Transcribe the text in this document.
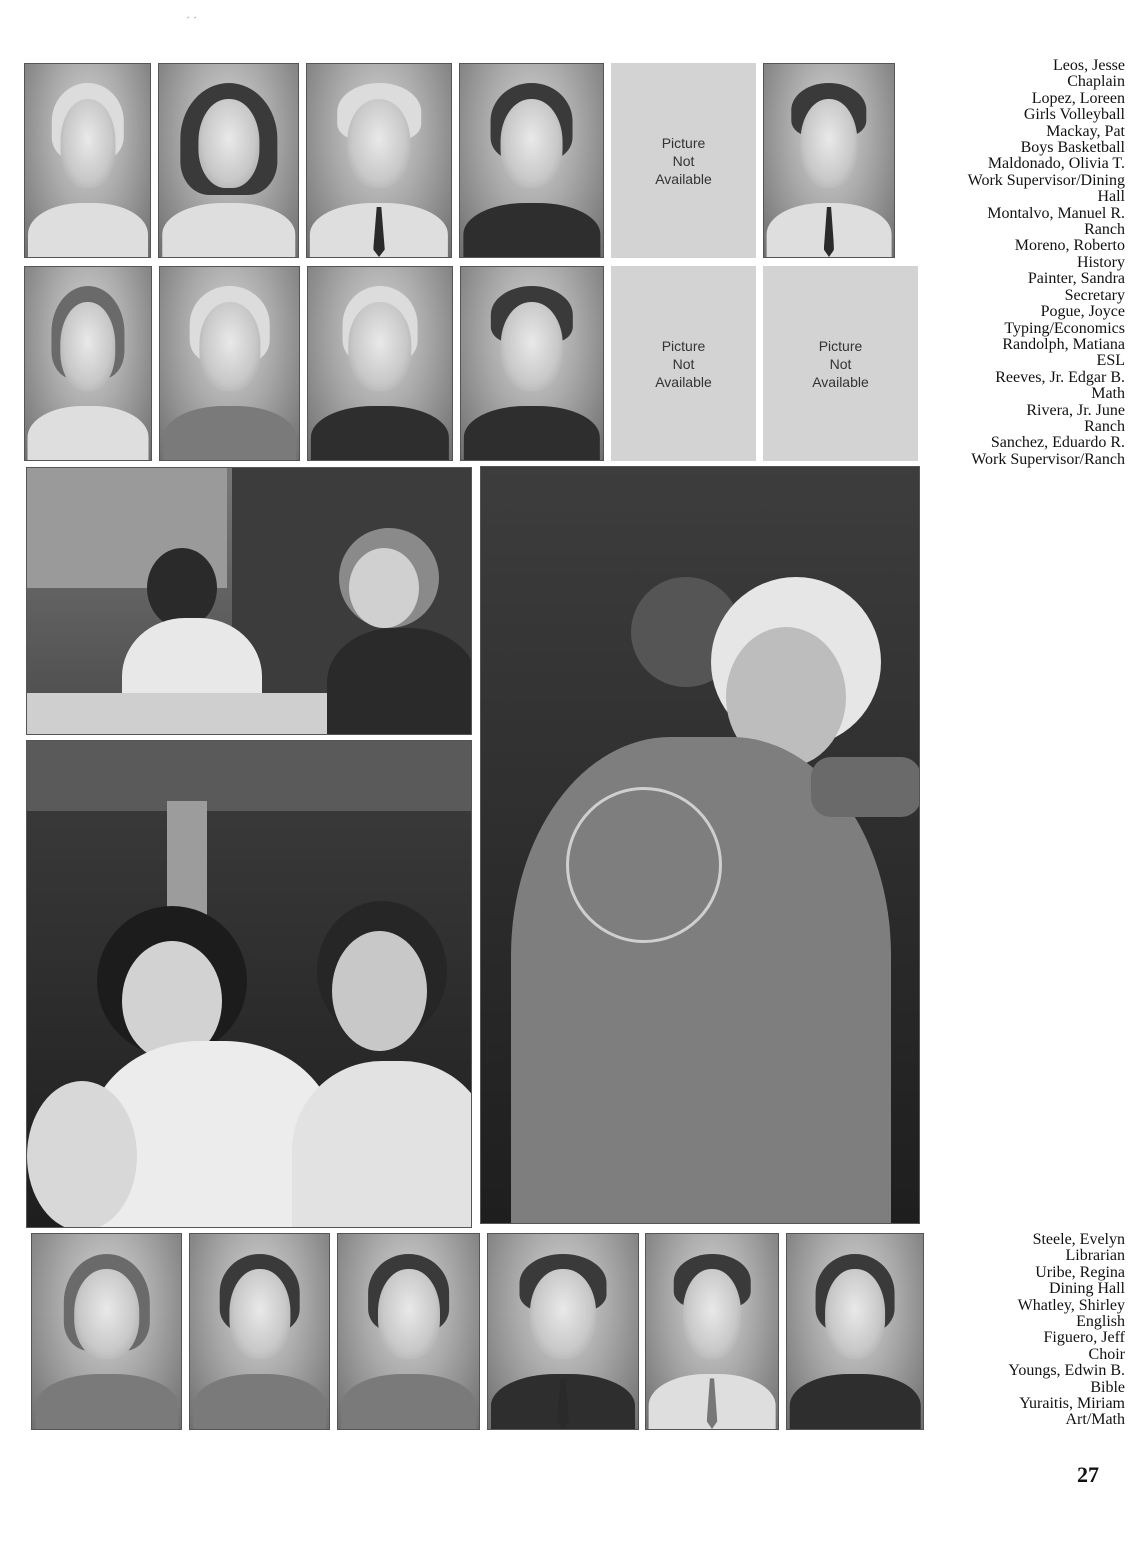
´ ˊ
Picture
Not
Available
Picture
Not
Available
Picture
Not
Available
Leos, Jesse
Chaplain
Lopez, Loreen
Girls Volleyball
Mackay, Pat
Boys Basketball
Maldonado, Olivia T.
Work Supervisor/Dining
Hall
Montalvo, Manuel R.
Ranch
Moreno, Roberto
History
Painter, Sandra
Secretary
Pogue, Joyce
Typing/Economics
Randolph, Matiana
ESL
Reeves, Jr. Edgar B.
Math
Rivera, Jr. June
Ranch
Sanchez, Eduardo R.
Work Supervisor/Ranch
Steele, Evelyn
Librarian
Uribe, Regina
Dining Hall
Whatley, Shirley
English
Figuero, Jeff
Choir
Youngs, Edwin B.
Bible
Yuraitis, Miriam
Art/Math
27
